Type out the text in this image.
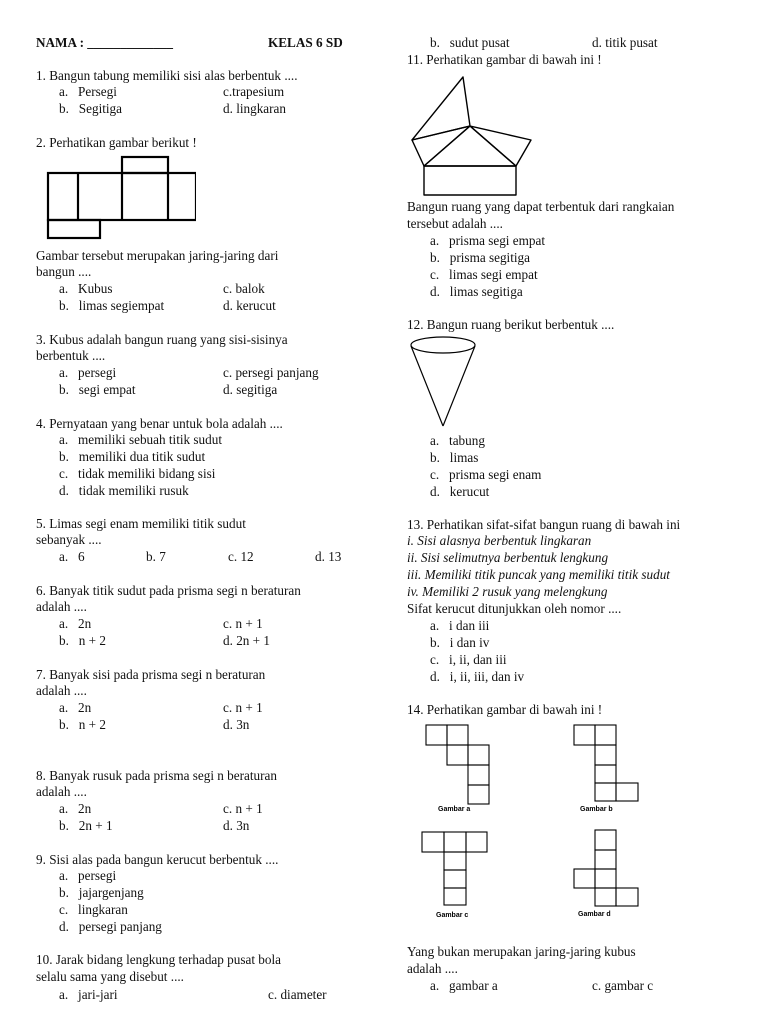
NAMA : _____________	KELAS 6 SD
1. Bangun tabung memiliki sisi alas berbentuk ....
a.   Persegi	c.trapesium
b.   Segitiga	d. lingkaran
2. Perhatikan gambar berikut !
Gambar tersebut merupakan jaring-jaring dari
bangun ....
a.   Kubus	c. balok
b.   limas segiempat	d. kerucut
3. Kubus adalah bangun ruang yang sisi-sisinya
berbentuk ....
a.   persegi	c. persegi panjang
b.   segi empat	d. segitiga
4. Pernyataan yang benar untuk bola adalah ....
a.   memiliki sebuah titik sudut
b.   memiliki dua titik sudut
c.   tidak memiliki bidang sisi
d.   tidak memiliki rusuk
5. Limas segi enam memiliki titik sudut
sebanyak ....
a.   6	b. 7	c. 12	d. 13
6. Banyak titik sudut pada prisma segi n beraturan
adalah ....
a.   2n	c. n + 1
b.   n + 2	d. 2n + 1
7. Banyak sisi pada prisma segi n beraturan
adalah ....
a.   2n	c. n + 1
b.   n + 2	d. 3n
8. Banyak rusuk pada prisma segi n beraturan
adalah ....
a.   2n	c. n + 1
b.   2n + 1	d. 3n
9. Sisi alas pada bangun kerucut berbentuk ....
a.   persegi
b.   jajargenjang
c.   lingkaran
d.   persegi panjang
10. Jarak bidang lengkung terhadap pusat bola
selalu sama yang disebut ....
a.   jari-jari	c. diameter
b.   sudut pusat	d. titik pusat
11. Perhatikan gambar di bawah ini !
Bangun ruang yang dapat terbentuk dari rangkaian
tersebut adalah ....
a.   prisma segi empat
b.   prisma segitiga
c.   limas segi empat
d.   limas segitiga
12. Bangun ruang berikut berbentuk ....
a.   tabung
b.   limas
c.   prisma segi enam
d.   kerucut
13. Perhatikan sifat-sifat bangun ruang di bawah ini
i. Sisi alasnya berbentuk lingkaran
ii. Sisi selimutnya berbentuk lengkung
iii. Memiliki titik puncak yang memiliki titik sudut
iv. Memiliki 2 rusuk yang melengkung
Sifat kerucut ditunjukkan oleh nomor ....
a.   i dan iii
b.   i dan iv
c.   i, ii, dan iii
d.   i, ii, iii, dan iv
14. Perhatikan gambar di bawah ini !
Gambar a	Gambar b
Gambar c	Gambar d
Yang bukan merupakan jaring-jaring kubus
adalah ....
a.   gambar a	c. gambar c
